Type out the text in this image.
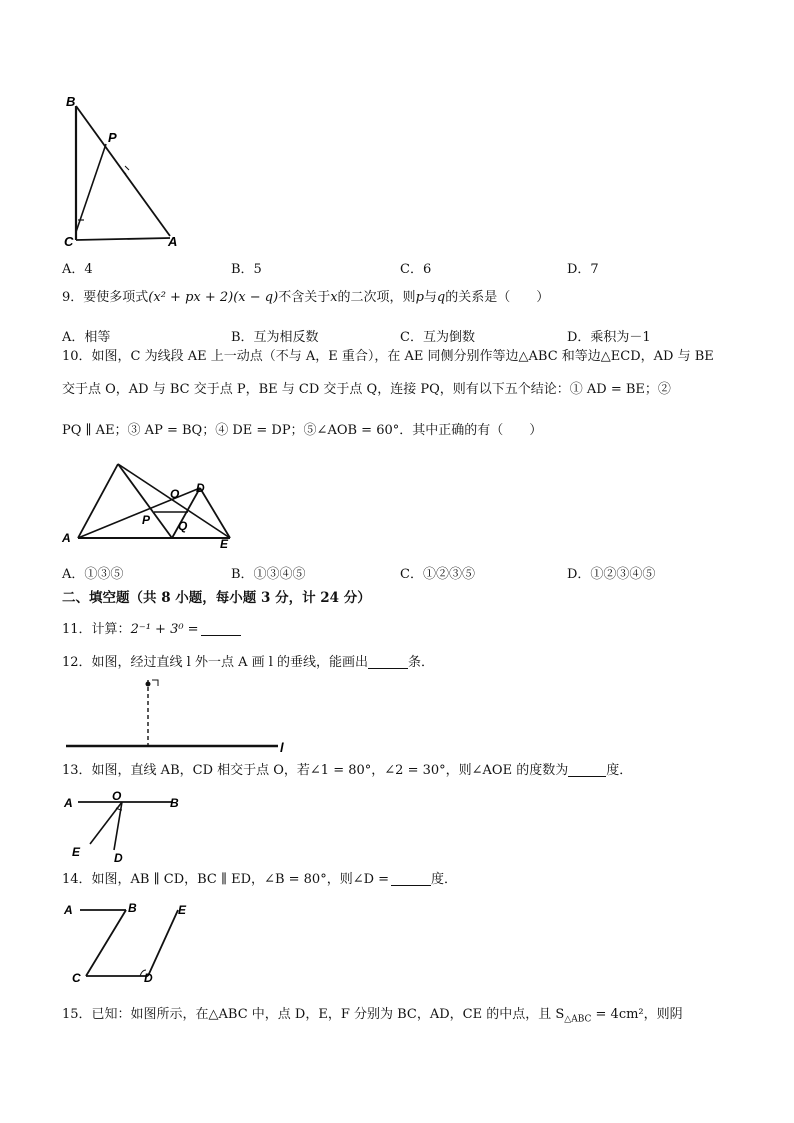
B
P
C	A
A．4	B．5	C．6	D．7
9．要使多项式(x² + px + 2)(x − q)不含关于x的二次项，则p与q的关系是（　　）
A．相等	B．互为相反数	C．互为倒数	D．乘积为－1
10．如图，C 为线段 AE 上一动点（不与 A，E 重合），在 AE 同侧分别作等边△ABC 和等边△ECD，AD 与 BE
交于点 O，AD 与 BC 交于点 P，BE 与 CD 交于点 Q，连接 PQ，则有以下五个结论：① AD = BE；②
PQ ∥ AE；③ AP = BQ；④ DE = DP；⑤∠AOB = 60°．其中正确的有（　　）
A
O D
P Q
E
A．①③⑤	B．①③④⑤	C．①②③⑤	D．①②③④⑤
二、填空题（共 8 小题，每小题 3 分，计 24 分）
11．计算：2⁻¹ + 3⁰ =
12．如图，经过直线 l 外一点 A 画 l 的垂线，能画出	条．
l
13．如图，直线 AB，CD 相交于点 O，若∠1 = 80°，∠2 = 30°，则∠AOE 的度数为	度．
A	O	B
E	D
14．如图，AB ∥ CD，BC ∥ ED，∠B = 80°，则∠D =	度．
A	B	E
C	D
15．已知：如图所示，在△ABC 中，点 D，E，F 分别为 BC，AD，CE 的中点，且 $S_{\triangle ABC} = 4cm^2$，则阴
